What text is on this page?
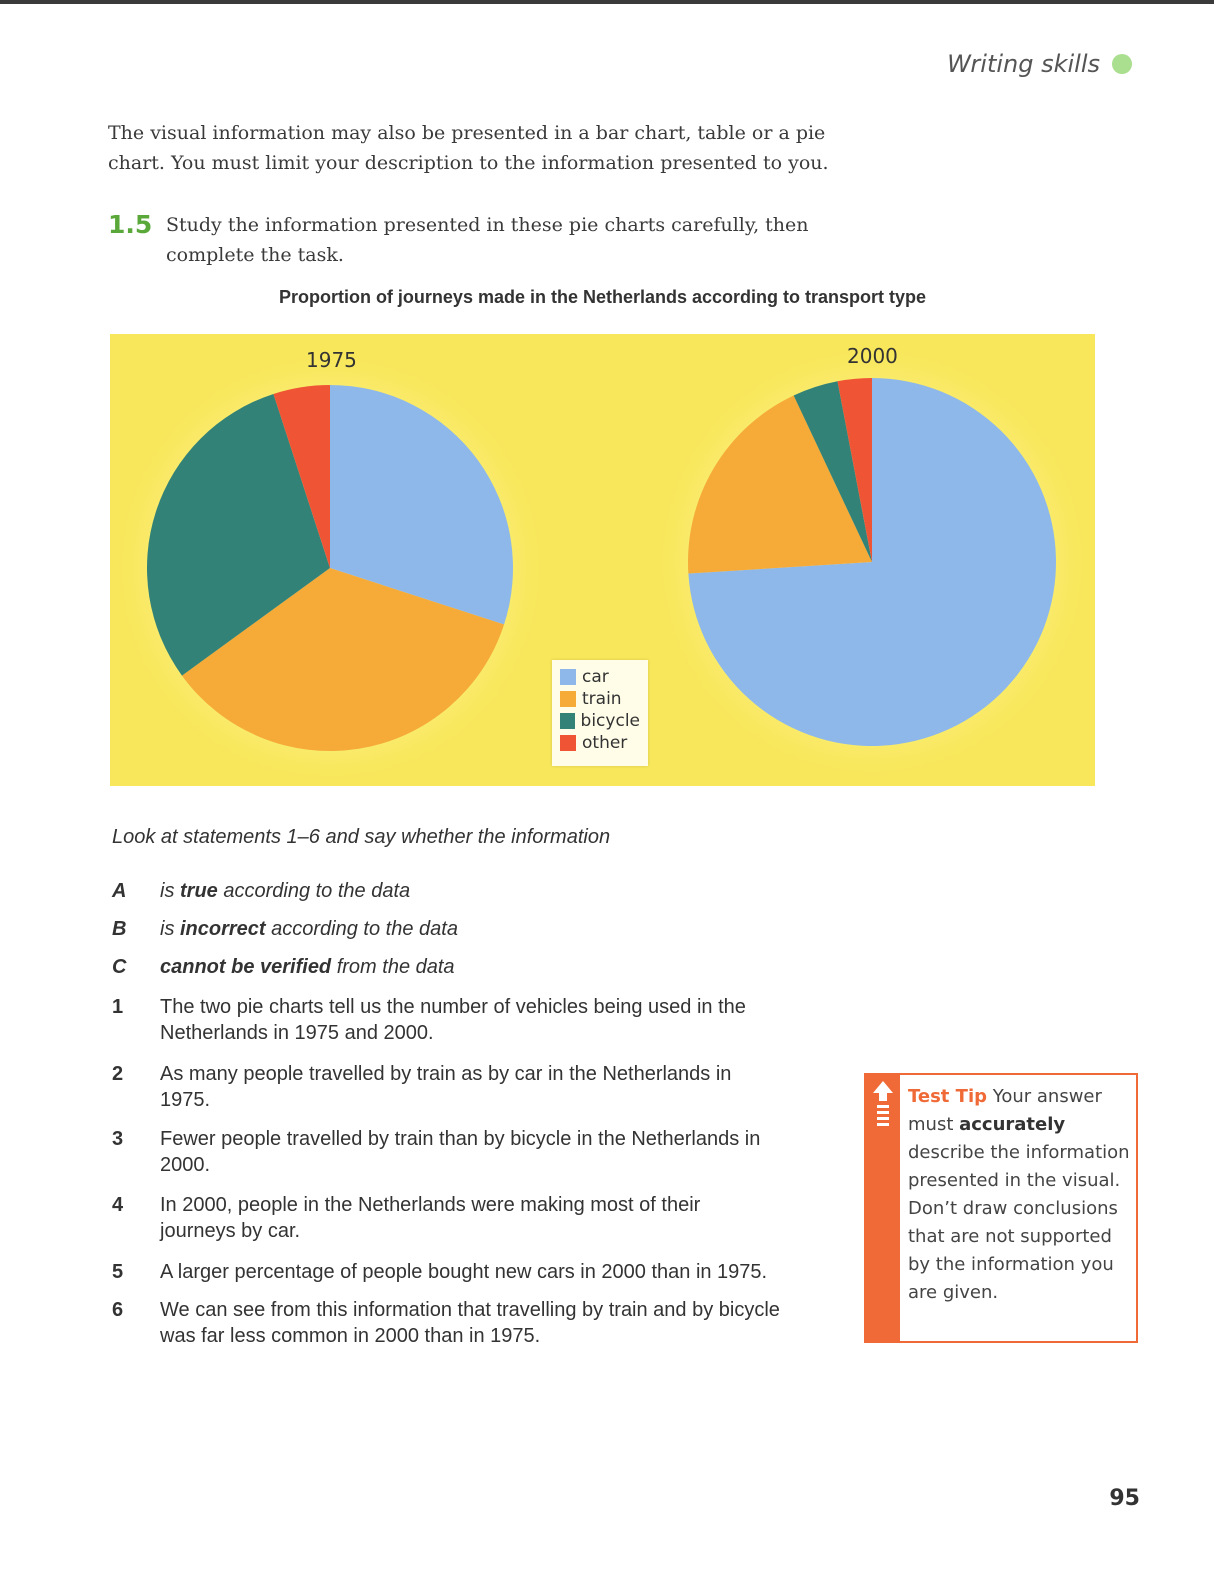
Writing skills
The visual information may also be presented in a bar chart, table or a pie chart. You must limit your description to the information presented to you.
1.5 Study the information presented in these pie charts carefully, then complete the task.
Proportion of journeys made in the Netherlands according to transport type
1975	2000
car
train
bicycle
other
Look at statements 1–6 and say whether the information
A is true according to the data
B is incorrect according to the data
C cannot be verified from the data
1 The two pie charts tell us the number of vehicles being used in the Netherlands in 1975 and 2000.
2 As many people travelled by train as by car in the Netherlands in 1975.
3 Fewer people travelled by train than by bicycle in the Netherlands in 2000.
4 In 2000, people in the Netherlands were making most of their journeys by car.
5 A larger percentage of people bought new cars in 2000 than in 1975.
6 We can see from this information that travelling by train and by bicycle was far less common in 2000 than in 1975.
Test Tip Your answer must accurately describe the information presented in the visual. Don’t draw conclusions that are not supported by the information you are given.
95
